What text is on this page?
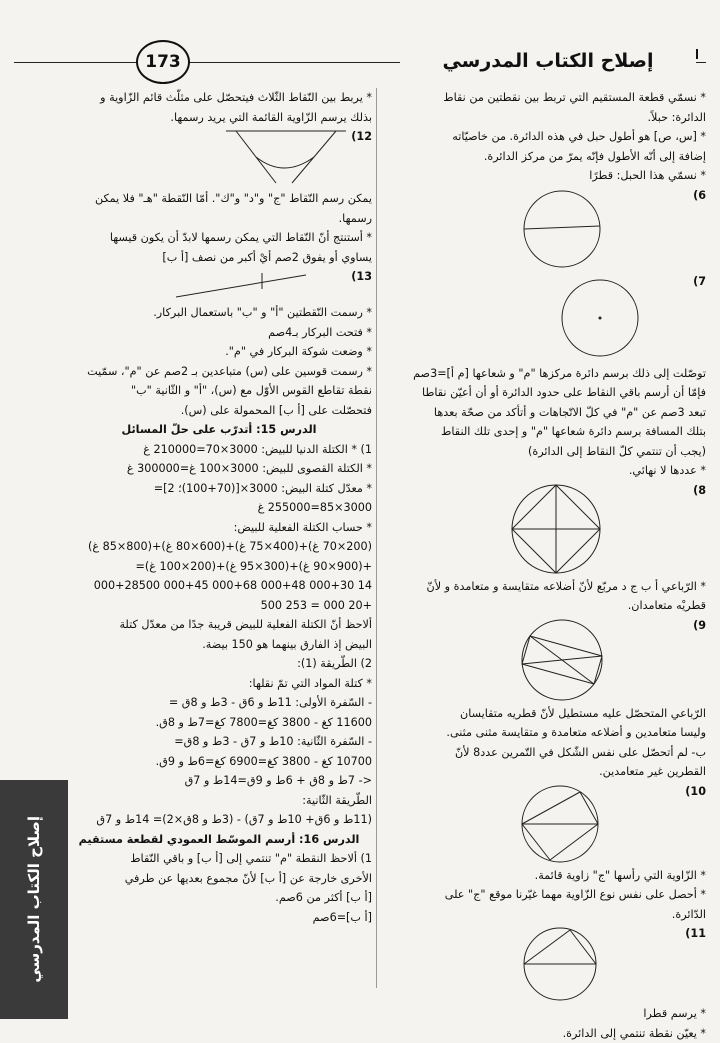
إصلاح الكتاب المدرسي
173

* نسمّي قطعة المستقيم التي تربط بين نقطتين من نقاط

الدائرة: حبلاً.

* [س، ص] هو أطول حبل في هذه الدائرة. من خاصيّاته

إضافة إلى أنّه الأطول فإنّه يمرّ من مركز الدائرة.

* نسمّي هذا الحبل: قطرًا

6)
7)

توصّلت إلى ذلك برسم دائرة مركزها "م" و شعاعها [م أ]=3صم

فإمّا أن أرسم باقي النقاط على حدود الدائرة أو أن أعيّن نقاطا

تبعد 3صم عن "م" في كلّ الاتّجاهات و أتأكد من صحّة بعدها

بتلك المسافة برسم دائرة شعاعها "م" و إحدى تلك النقاط

(يجب أن تنتمي كلّ النقاط إلى الدائرة)

* عددها لا نهائي.

8)

* الرّباعي أ ب ج د مربّع لأنّ أضلاعه متقايسة و متعامدة و لأنّ

قطريْه متعامدان.

9)

الرّباعي المتحصّل عليه مستطيل لأنّ قطريه متقايسان

وليسا متعامدين و أضلاعه متعامدة و متقايسة مثنى مثنى.

ب- لم أتحصّل على نفس الشّكل في التّمرين عدد8 لأنّ

القطرين غير متعامدين.

10)

* الزّاوية التي رأسها "ج" زاوية قائمة.

* أحصل على نفس نوع الزّاوية مهما غيّرنا موقع "ج" على

الدّائرة.

11)

* يرسم قطرا

* يعيّن نقطة تنتمي إلى الدائرة.

* يربط بين النّقاط الثّلاث فيتحصّل على مثلّث قائم الزّاوية و

بذلك يرسم الزّاوية القائمة التي يريد رسمها.

12)

يمكن رسم النّقاط "ج" و"د" و"ك". أمّا النّقطة "هـ" فلا يمكن

رسمها.

* أستنتج أنّ النّقاط التي يمكن رسمها لابدّ أن يكون قيسها

يساوي أو يفوق 2صم أيْ أكبر من نصف [أ ب]

13)

* رسمت النّقطتين "أ" و "ب" باستعمال البركار.

* فتحت البركار بـ4صم

* وضعت شوكة البركار في "م".

* رسمت قوسين على (س) متباعدين بـ 2صم عن "م"، سمّيت

نقطة تقاطع القوس الأوّل مع (س)، "أ" و الثّانية "ب"

فتحصّلت على [أ ب] المحمولة على (س).

الدرس 15: أتدرّب على حلّ المسائل

1) * الكتلة الدنيا للبيض: 3000×70=210000 غ

* الكتلة القصوى للبيض: 3000×100 غ=300000 غ

* معدّل كتلة البيض: 3000×[(70+100)؛ 2]=

3000×85=255000 غ

* حساب الكتلة الفعلية للبيض:

(200×70 غ)+(400×75 غ)+(600×80 غ)+(800×85 غ)

+(900×90 غ)+(300×95 غ)+(200×100 غ)=

14 000+30 000+48 000+68 000+45 000+28500

+20 000 = 253 500

ألاحظ أنّ الكتلة الفعلية للبيض قريبة جدًا من معدّل كتلة

البيض إذ الفارق بينهما هو 150 بيضة.

2) الطّريقة (1):

* كتلة المواد التي تمّ نقلها:

- السّفرة الأولى: 11ط و 6ق - 3ط و 8ق =

11600 كغ - 3800 كغ=7800 كغ=7ط و 8ق.

- السّفرة الثّانية: 10ط و 7ق - 3ط و 8ق=

10700 كغ - 3800 كغ=6900 كغ=6ط و 9ق.

<- 7ط و 8ق + 6ط و 9ق=14ط و 7ق

الطّريقة الثّانية:

(11ط و 6ق+ 10ط و 7ق) - (3ط و 8ق×2)= 14ط و 7ق

الدرس 16: أرسم الموسّط العمودي لقطعة مستقيم

1) ألاحظ النقطة "م" تنتمي إلى [أ ب] و باقي النّقاط

الأخرى خارجة عن [أ ب] لأنّ مجموع بعديها عن طرفي

[أ ب] أكثر من 6صم.

[أ ب]=6صم

إصلاح الكتاب المدرسي
